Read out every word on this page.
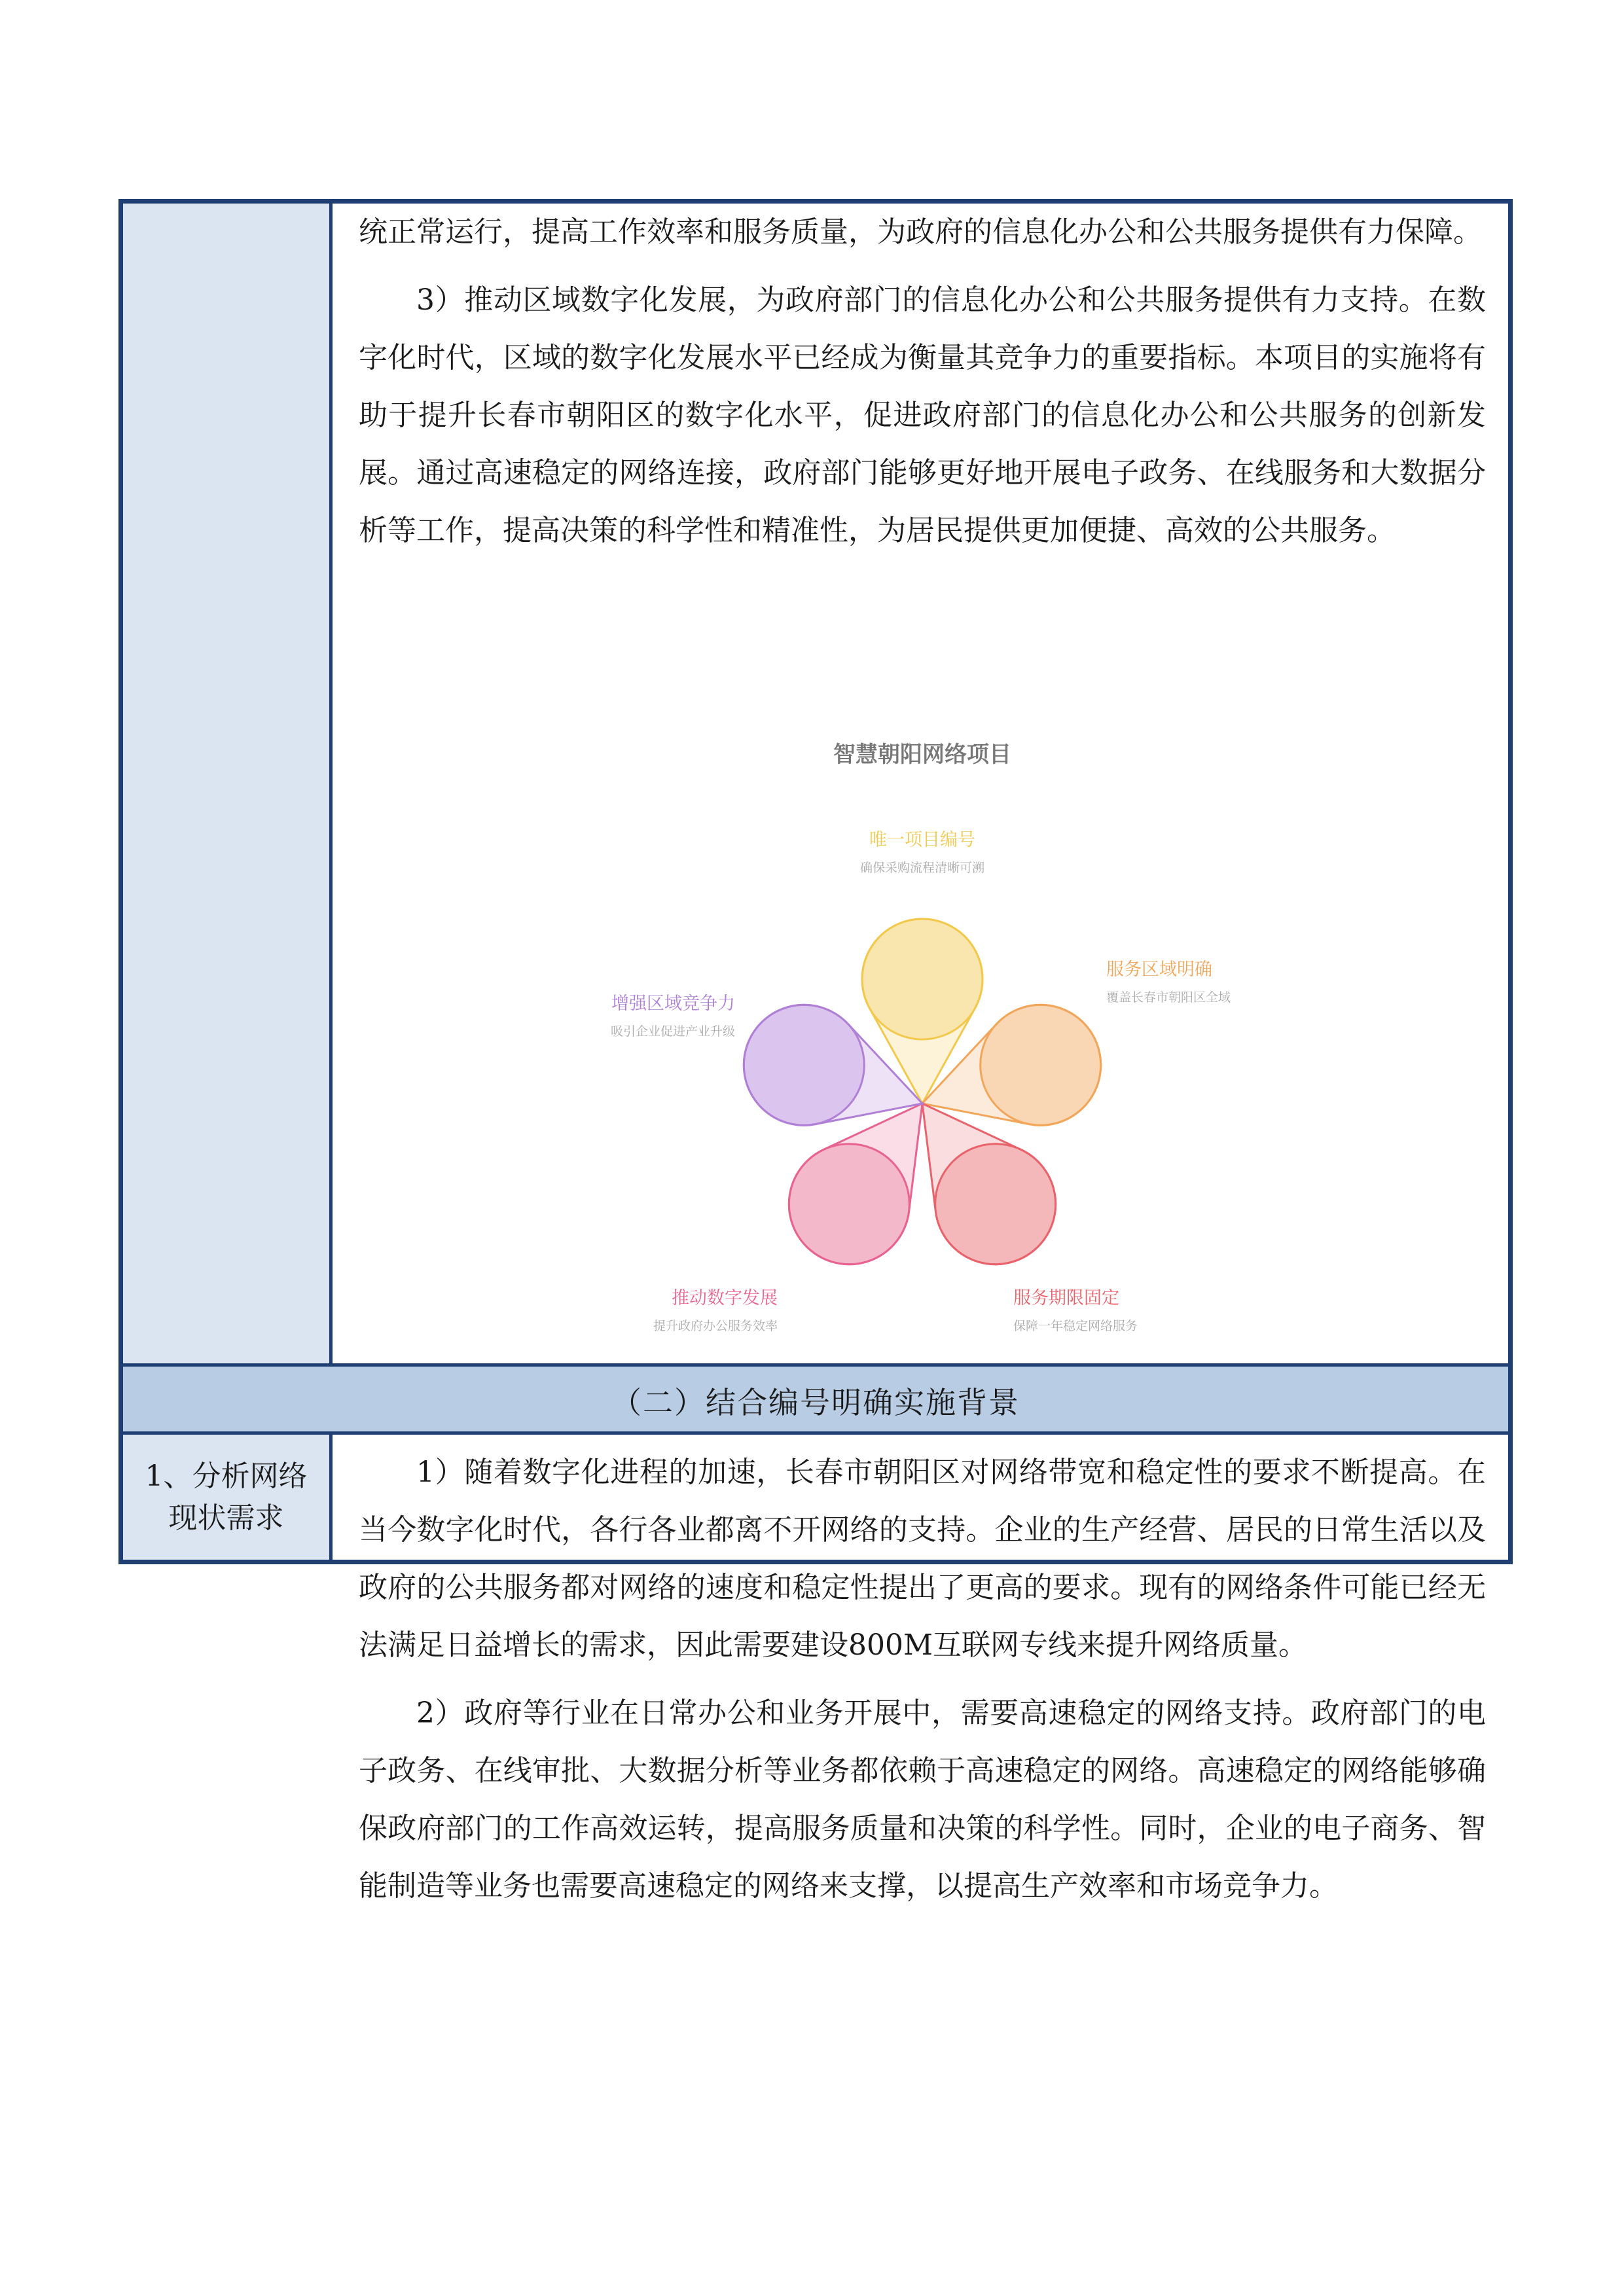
统正常运行，提高工作效率和服务质量，为政府的信息化办公和公共服务提供有力保障。

3）推动区域数字化发展，为政府部门的信息化办公和公共服务提供有力支持。在数字化时代，区域的数字化发展水平已经成为衡量其竞争力的重要指标。本项目的实施将有助于提升长春市朝阳区的数字化水平，促进政府部门的信息化办公和公共服务的创新发展。通过高速稳定的网络连接，政府部门能够更好地开展电子政务、在线服务和大数据分析等工作，提高决策的科学性和精准性，为居民提供更加便捷、高效的公共服务。

智慧朝阳网络项目
唯一项目编号
确保采购流程清晰可溯
服务区域明确
覆盖长春市朝阳区全域
服务期限固定
保障一年稳定网络服务
推动数字发展
提升政府办公服务效率
增强区域竞争力
吸引企业促进产业升级
（二）结合编号明确实施背景
1、分析网络现状需求

1）随着数字化进程的加速，长春市朝阳区对网络带宽和稳定性的要求不断提高。在当今数字化时代，各行各业都离不开网络的支持。企业的生产经营、居民的日常生活以及政府的公共服务都对网络的速度和稳定性提出了更高的要求。现有的网络条件可能已经无法满足日益增长的需求，因此需要建设800M互联网专线来提升网络质量。

2）政府等行业在日常办公和业务开展中，需要高速稳定的网络支持。政府部门的电子政务、在线审批、大数据分析等业务都依赖于高速稳定的网络。高速稳定的网络能够确保政府部门的工作高效运转，提高服务质量和决策的科学性。同时，企业的电子商务、智能制造等业务也需要高速稳定的网络来支撑，以提高生产效率和市场竞争力。
